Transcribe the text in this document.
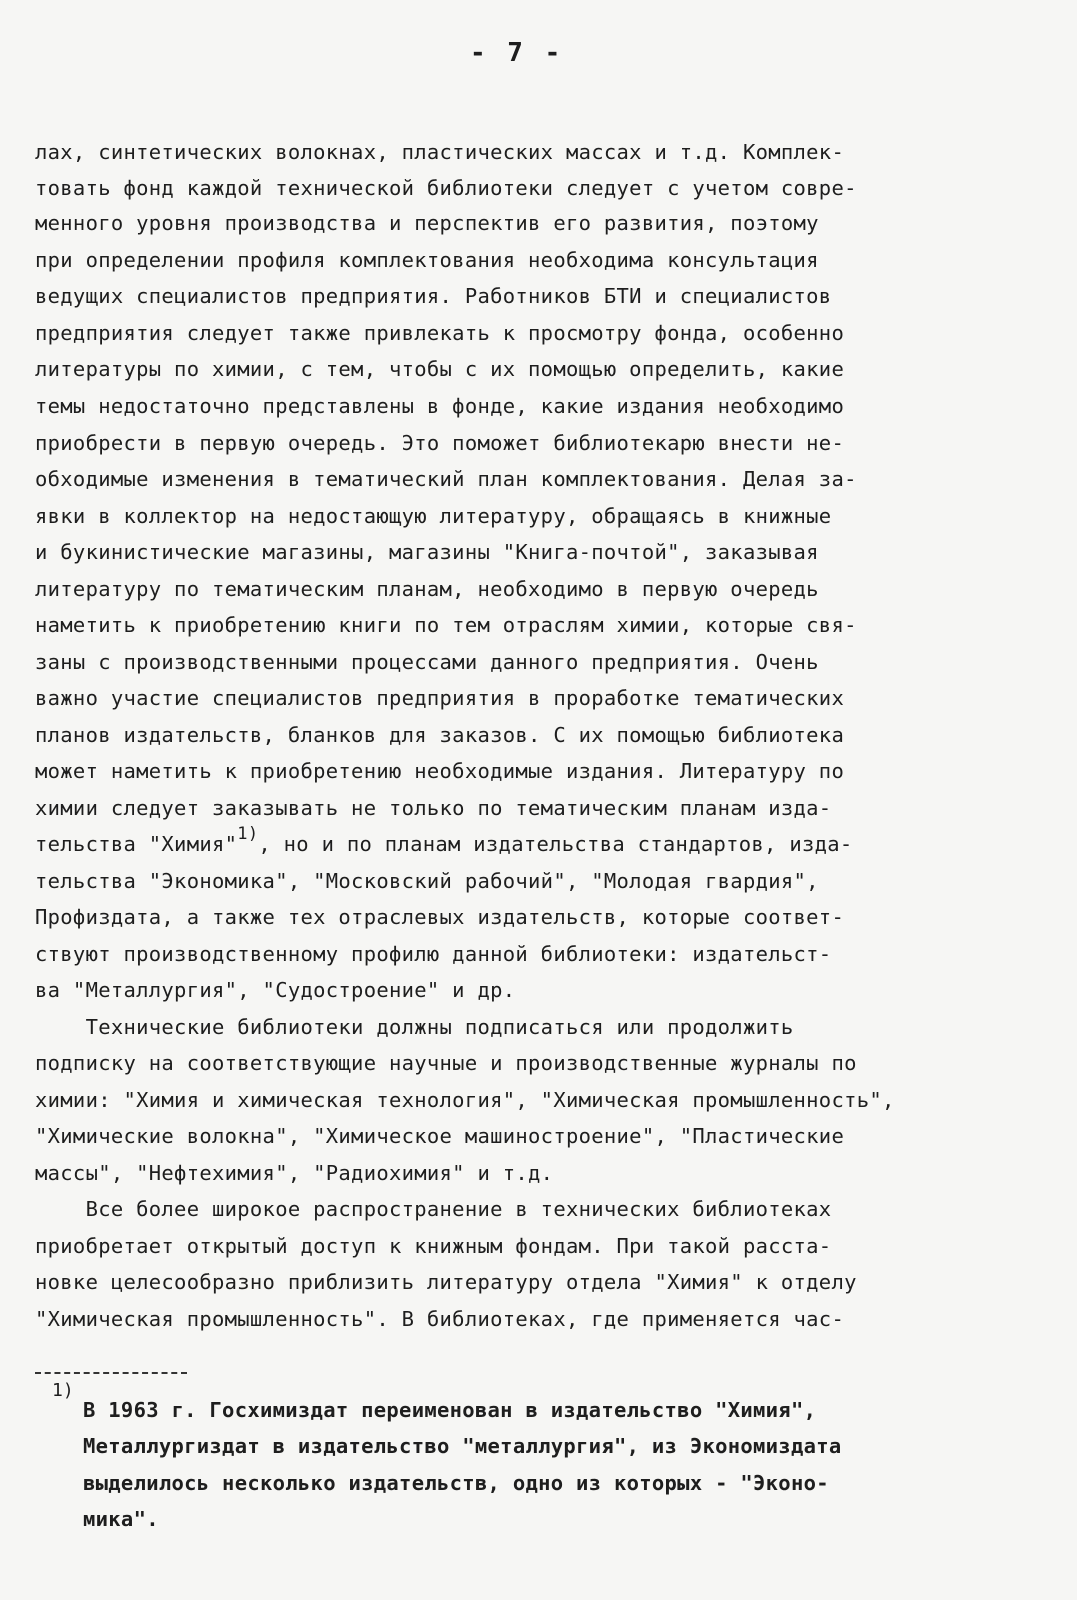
- 7 -
лах, синтетических волокнах, пластических массах и т.д. Комплек-
товать фонд каждой технической библиотеки следует с учетом совре-
менного уровня производства и перспектив его развития, поэтому
при определении профиля комплектования необходима консультация
ведущих специалистов предприятия. Работников БТИ и специалистов
предприятия следует также привлекать к просмотру фонда, особенно
литературы по химии, с тем, чтобы с их помощью определить, какие
темы недостаточно представлены в фонде, какие издания необходимо
приобрести в первую очередь. Это поможет библиотекарю внести не-
обходимые изменения в тематический план комплектования. Делая за-
явки в коллектор на недостающую литературу, обращаясь в книжные
и букинистические магазины, магазины "Книга-почтой", заказывая
литературу по тематическим планам, необходимо в первую очередь
наметить к приобретению книги по тем отраслям химии, которые свя-
заны с производственными процессами данного предприятия. Очень
важно участие специалистов предприятия в проработке тематических
планов издательств, бланков для заказов. С их помощью библиотека
может наметить к приобретению необходимые издания. Литературу по
химии следует заказывать не только по тематическим планам изда-
тельства "Химия"$^{1)}$, но и по планам издательства стандартов, изда-
тельства "Экономика", "Московский рабочий", "Молодая гвардия",
Профиздата, а также тех отраслевых издательств, которые соответ-
ствуют производственному профилю данной библиотеки: издательст-
ва "Металлургия", "Судостроение" и др.
Технические библиотеки должны подписаться или продолжить
подписку на соответствующие научные и производственные журналы по
химии: "Химия и химическая технология", "Химическая промышленность",
"Химические волокна", "Химическое машиностроение", "Пластические
массы", "Нефтехимия", "Радиохимия" и т.д.
Все более широкое распространение в технических библиотеках
приобретает открытый доступ к книжным фондам. При такой расста-
новке целесообразно приблизить литературу отдела "Химия" к отделу
"Химическая промышленность". В библиотеках, где применяется час-
1)
В 1963 г. Госхимиздат переименован в издательство "Химия",
Металлургиздат в издательство "металлургия", из Экономиздата
выделилось несколько издательств, одно из которых - "Эконо-
мика".
